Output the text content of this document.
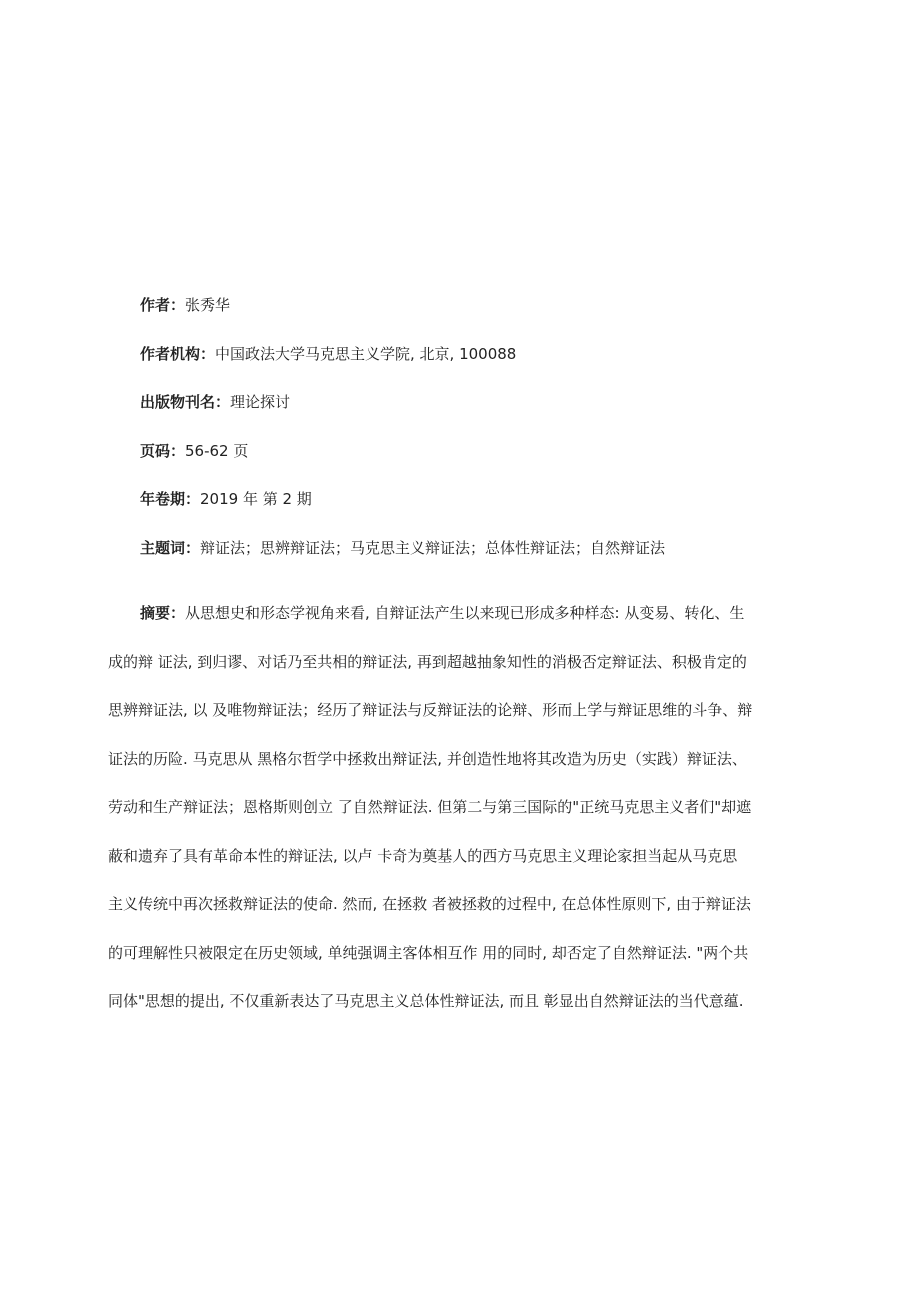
作者：张秀华
作者机构：中国政法大学马克思主义学院, 北京, 100088
出版物刊名：理论探讨
页码：56-62 页
年卷期：2019 年 第 2 期
主题词：辩证法；思辨辩证法；马克思主义辩证法；总体性辩证法；自然辩证法
摘要：从思想史和形态学视角来看, 自辩证法产生以来现已形成多种样态: 从变易、转化、生
成的辩 证法, 到归谬、对话乃至共相的辩证法, 再到超越抽象知性的消极否定辩证法、积极肯定的
思辨辩证法, 以 及唯物辩证法；经历了辩证法与反辩证法的论辩、形而上学与辩证思维的斗争、辩
证法的历险. 马克思从 黑格尔哲学中拯救出辩证法, 并创造性地将其改造为历史（实践）辩证法、
劳动和生产辩证法；恩格斯则创立 了自然辩证法. 但第二与第三国际的"正统马克思主义者们"却遮
蔽和遗弃了具有革命本性的辩证法, 以卢 卡奇为奠基人的西方马克思主义理论家担当起从马克思
主义传统中再次拯救辩证法的使命. 然而, 在拯救 者被拯救的过程中, 在总体性原则下, 由于辩证法
的可理解性只被限定在历史领域, 单纯强调主客体相互作 用的同时, 却否定了自然辩证法. "两个共
同体"思想的提出, 不仅重新表达了马克思主义总体性辩证法, 而且 彰显出自然辩证法的当代意蕴.
